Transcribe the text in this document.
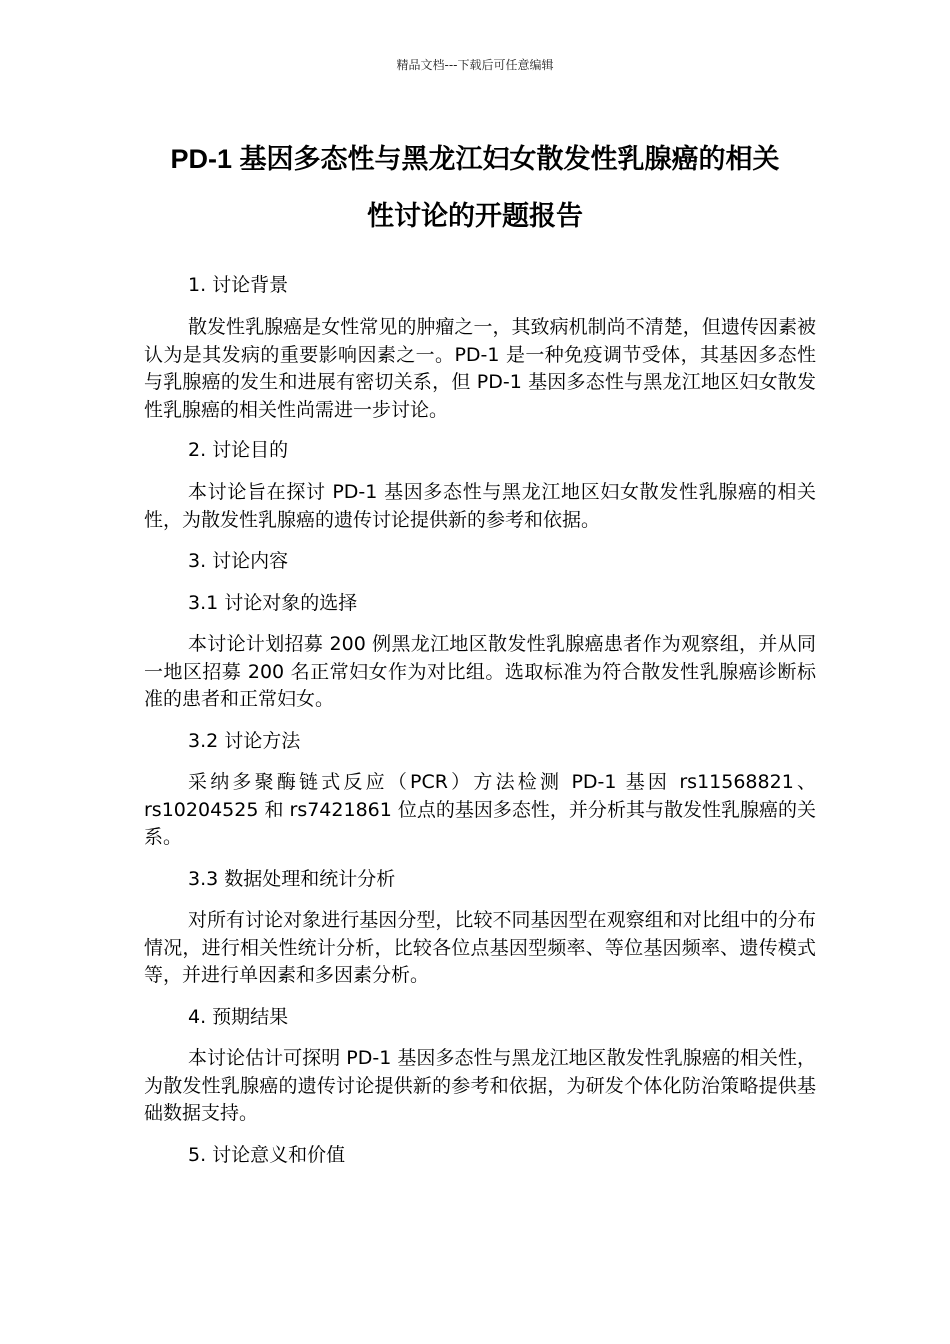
精品文档---下载后可任意编辑
PD-1 基因多态性与黑龙江妇女散发性乳腺癌的相关
性讨论的开题报告
1. 讨论背景

散发性乳腺癌是女性常见的肿瘤之一，其致病机制尚不清楚，但遗传因素被认为是其发病的重要影响因素之一。PD-1 是一种免疫调节受体，其基因多态性与乳腺癌的发生和进展有密切关系，但 PD-1 基因多态性与黑龙江地区妇女散发性乳腺癌的相关性尚需进一步讨论。

2. 讨论目的

本讨论旨在探讨 PD-1 基因多态性与黑龙江地区妇女散发性乳腺癌的相关性，为散发性乳腺癌的遗传讨论提供新的参考和依据。

3. 讨论内容
3.1 讨论对象的选择

本讨论计划招募 200 例黑龙江地区散发性乳腺癌患者作为观察组，并从同一地区招募 200 名正常妇女作为对比组。选取标准为符合散发性乳腺癌诊断标准的患者和正常妇女。

3.2 讨论方法

采纳多聚酶链式反应（PCR）方法检测 PD-1 基因 rs11568821、rs10204525 和 rs7421861 位点的基因多态性，并分析其与散发性乳腺癌的关系。

3.3 数据处理和统计分析

对所有讨论对象进行基因分型，比较不同基因型在观察组和对比组中的分布情况，进行相关性统计分析，比较各位点基因型频率、等位基因频率、遗传模式等，并进行单因素和多因素分析。

4. 预期结果

本讨论估计可探明 PD-1 基因多态性与黑龙江地区散发性乳腺癌的相关性，为散发性乳腺癌的遗传讨论提供新的参考和依据，为研发个体化防治策略提供基础数据支持。

5. 讨论意义和价值
